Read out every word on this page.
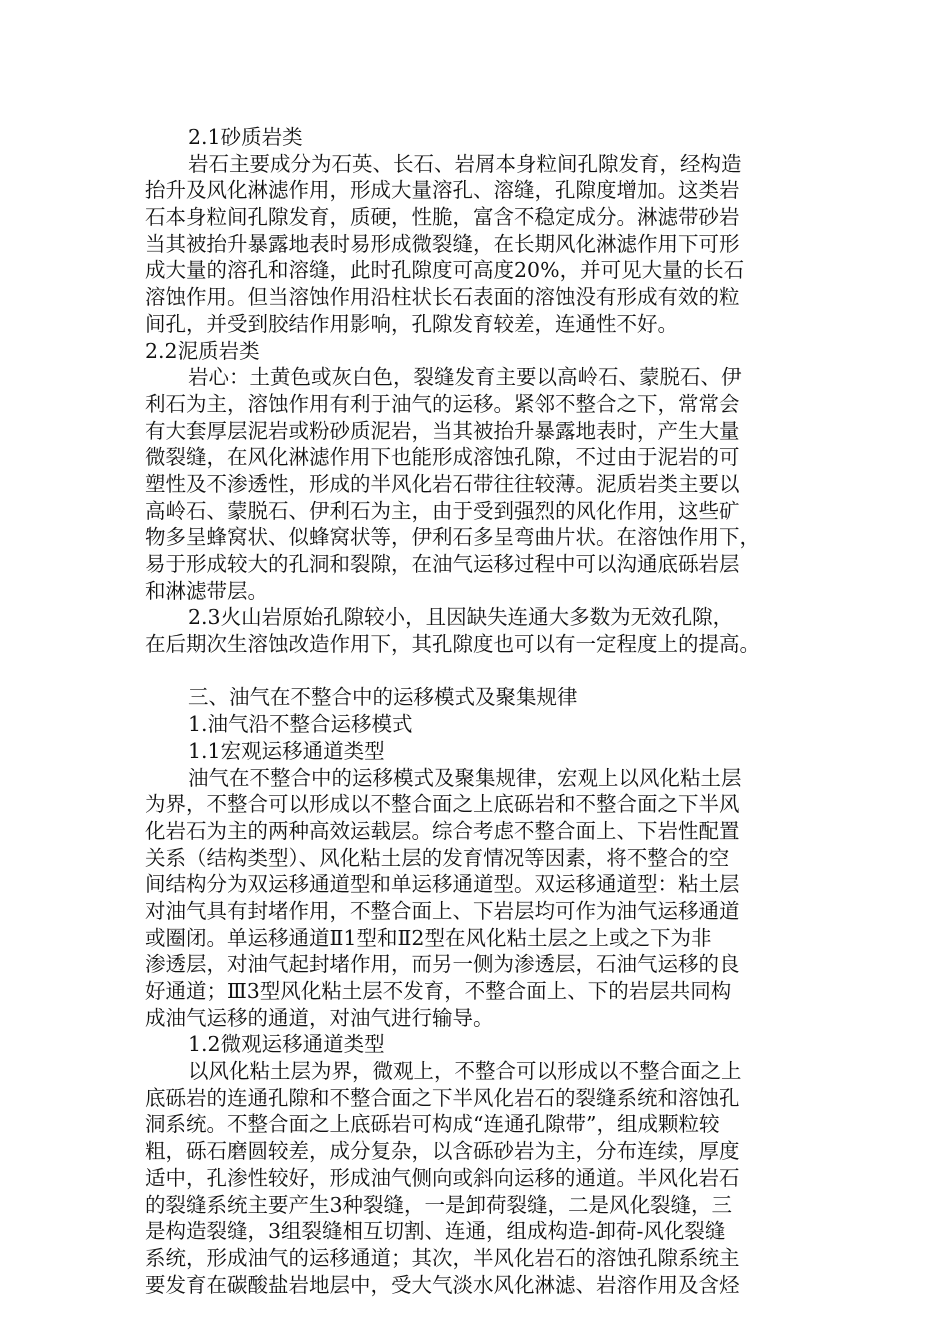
2.1砂质岩类
岩石主要成分为石英、长石、岩屑本身粒间孔隙发育，经构造
抬升及风化淋滤作用，形成大量溶孔、溶缝，孔隙度增加。这类岩
石本身粒间孔隙发育，质硬，性脆，富含不稳定成分。淋滤带砂岩
当其被抬升暴露地表时易形成微裂缝，在长期风化淋滤作用下可形
成大量的溶孔和溶缝，此时孔隙度可高度20%，并可见大量的长石
溶蚀作用。但当溶蚀作用沿柱状长石表面的溶蚀没有形成有效的粒
间孔，并受到胶结作用影响，孔隙发育较差，连通性不好。
2.2泥质岩类
岩心：土黄色或灰白色，裂缝发育主要以高岭石、蒙脱石、伊
利石为主，溶蚀作用有利于油气的运移。紧邻不整合之下，常常会
有大套厚层泥岩或粉砂质泥岩，当其被抬升暴露地表时，产生大量
微裂缝，在风化淋滤作用下也能形成溶蚀孔隙，不过由于泥岩的可
塑性及不渗透性，形成的半风化岩石带往往较薄。泥质岩类主要以
高岭石、蒙脱石、伊利石为主，由于受到强烈的风化作用，这些矿
物多呈蜂窝状、似蜂窝状等，伊利石多呈弯曲片状。在溶蚀作用下，
易于形成较大的孔洞和裂隙，在油气运移过程中可以沟通底砾岩层
和淋滤带层。
2.3火山岩原始孔隙较小，且因缺失连通大多数为无效孔隙，
在后期次生溶蚀改造作用下，其孔隙度也可以有一定程度上的提高。
三、油气在不整合中的运移模式及聚集规律
1.油气沿不整合运移模式
1.1宏观运移通道类型
油气在不整合中的运移模式及聚集规律，宏观上以风化粘土层
为界，不整合可以形成以不整合面之上底砾岩和不整合面之下半风
化岩石为主的两种高效运载层。综合考虑不整合面上、下岩性配置
关系（结构类型）、风化粘土层的发育情况等因素，将不整合的空
间结构分为双运移通道型和单运移通道型。双运移通道型：粘土层
对油气具有封堵作用，不整合面上、下岩层均可作为油气运移通道
或圈闭。单运移通道Ⅱ1型和Ⅱ2型在风化粘土层之上或之下为非
渗透层，对油气起封堵作用，而另一侧为渗透层，石油气运移的良
好通道；Ⅲ3型风化粘土层不发育，不整合面上、下的岩层共同构
成油气运移的通道，对油气进行输导。
1.2微观运移通道类型
以风化粘土层为界，微观上，不整合可以形成以不整合面之上
底砾岩的连通孔隙和不整合面之下半风化岩石的裂缝系统和溶蚀孔
洞系统。不整合面之上底砾岩可构成“连通孔隙带”，组成颗粒较
粗，砾石磨圆较差，成分复杂，以含砾砂岩为主，分布连续，厚度
适中，孔渗性较好，形成油气侧向或斜向运移的通道。半风化岩石
的裂缝系统主要产生3种裂缝，一是卸荷裂缝，二是风化裂缝，三
是构造裂缝，3组裂缝相互切割、连通，组成构造-卸荷-风化裂缝
系统，形成油气的运移通道；其次，半风化岩石的溶蚀孔隙系统主
要发育在碳酸盐岩地层中，受大气淡水风化淋滤、岩溶作用及含烃
